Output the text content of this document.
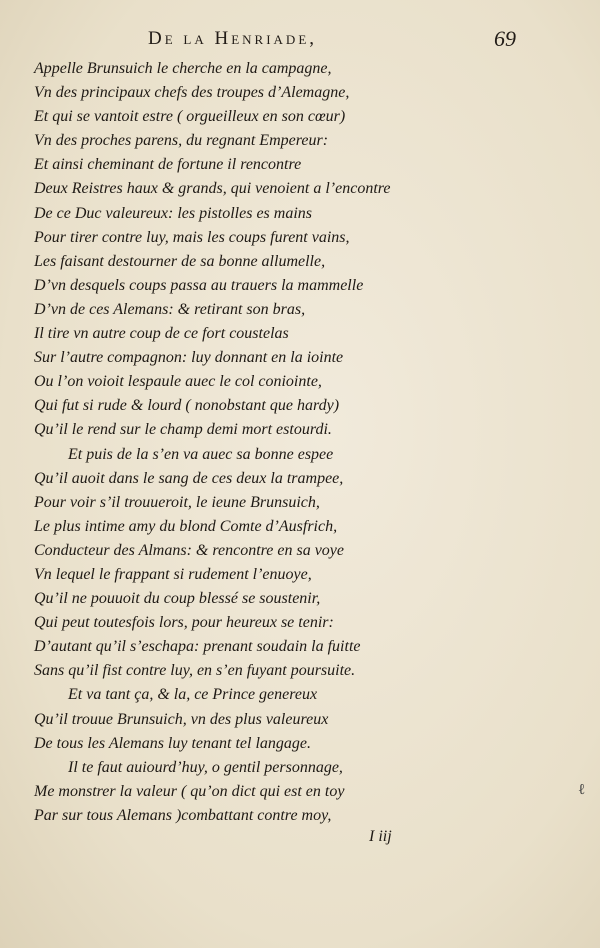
De la Henriade,	69
Appelle Brunsuich le cherche en la campagne,
Vn des principaux chefs des troupes d’Alemagne,
Et qui se vantoit estre ( orgueilleux en son cœur)
Vn des proches parens, du regnant Empereur:
Et ainsi cheminant de fortune il rencontre
Deux Reistres haux & grands, qui venoient a l’encontre
De ce Duc valeureux: les pistolles es mains
Pour tirer contre luy, mais les coups furent vains,
Les faisant destourner de sa bonne allumelle,
D’vn desquels coups passa au trauers la mammelle
D’vn de ces Alemans: & retirant son bras,
Il tire vn autre coup de ce fort coustelas
Sur l’autre compagnon: luy donnant en la iointe
Ou l’on voioit lespaule auec le col coniointe,
Qui fut si rude & lourd ( nonobstant que hardy)
Qu’il le rend sur le champ demi mort estourdi.
Et puis de la s’en va auec sa bonne espee
Qu’il auoit dans le sang de ces deux la trampee,
Pour voir s’il trouueroit, le ieune Brunsuich,
Le plus intime amy du blond Comte d’Ausfrich,
Conducteur des Almans: & rencontre en sa voye
Vn lequel le frappant si rudement l’enuoye,
Qu’il ne pouuoit du coup blessé se soustenir,
Qui peut toutesfois lors, pour heureux se tenir:
D’autant qu’il s’eschapa: prenant soudain la fuitte
Sans qu’il fist contre luy, en s’en fuyant poursuite.
Et va tant ça, & la, ce Prince genereux
Qu’il trouue Brunsuich, vn des plus valeureux
De tous les Alemans luy tenant tel langage.
Il te faut auiourd’huy, o gentil personnage,
Me monstrer la valeur ( qu’on dict qui est en toy
Par sur tous Alemans )combattant contre moy,
I iij
ℓ
